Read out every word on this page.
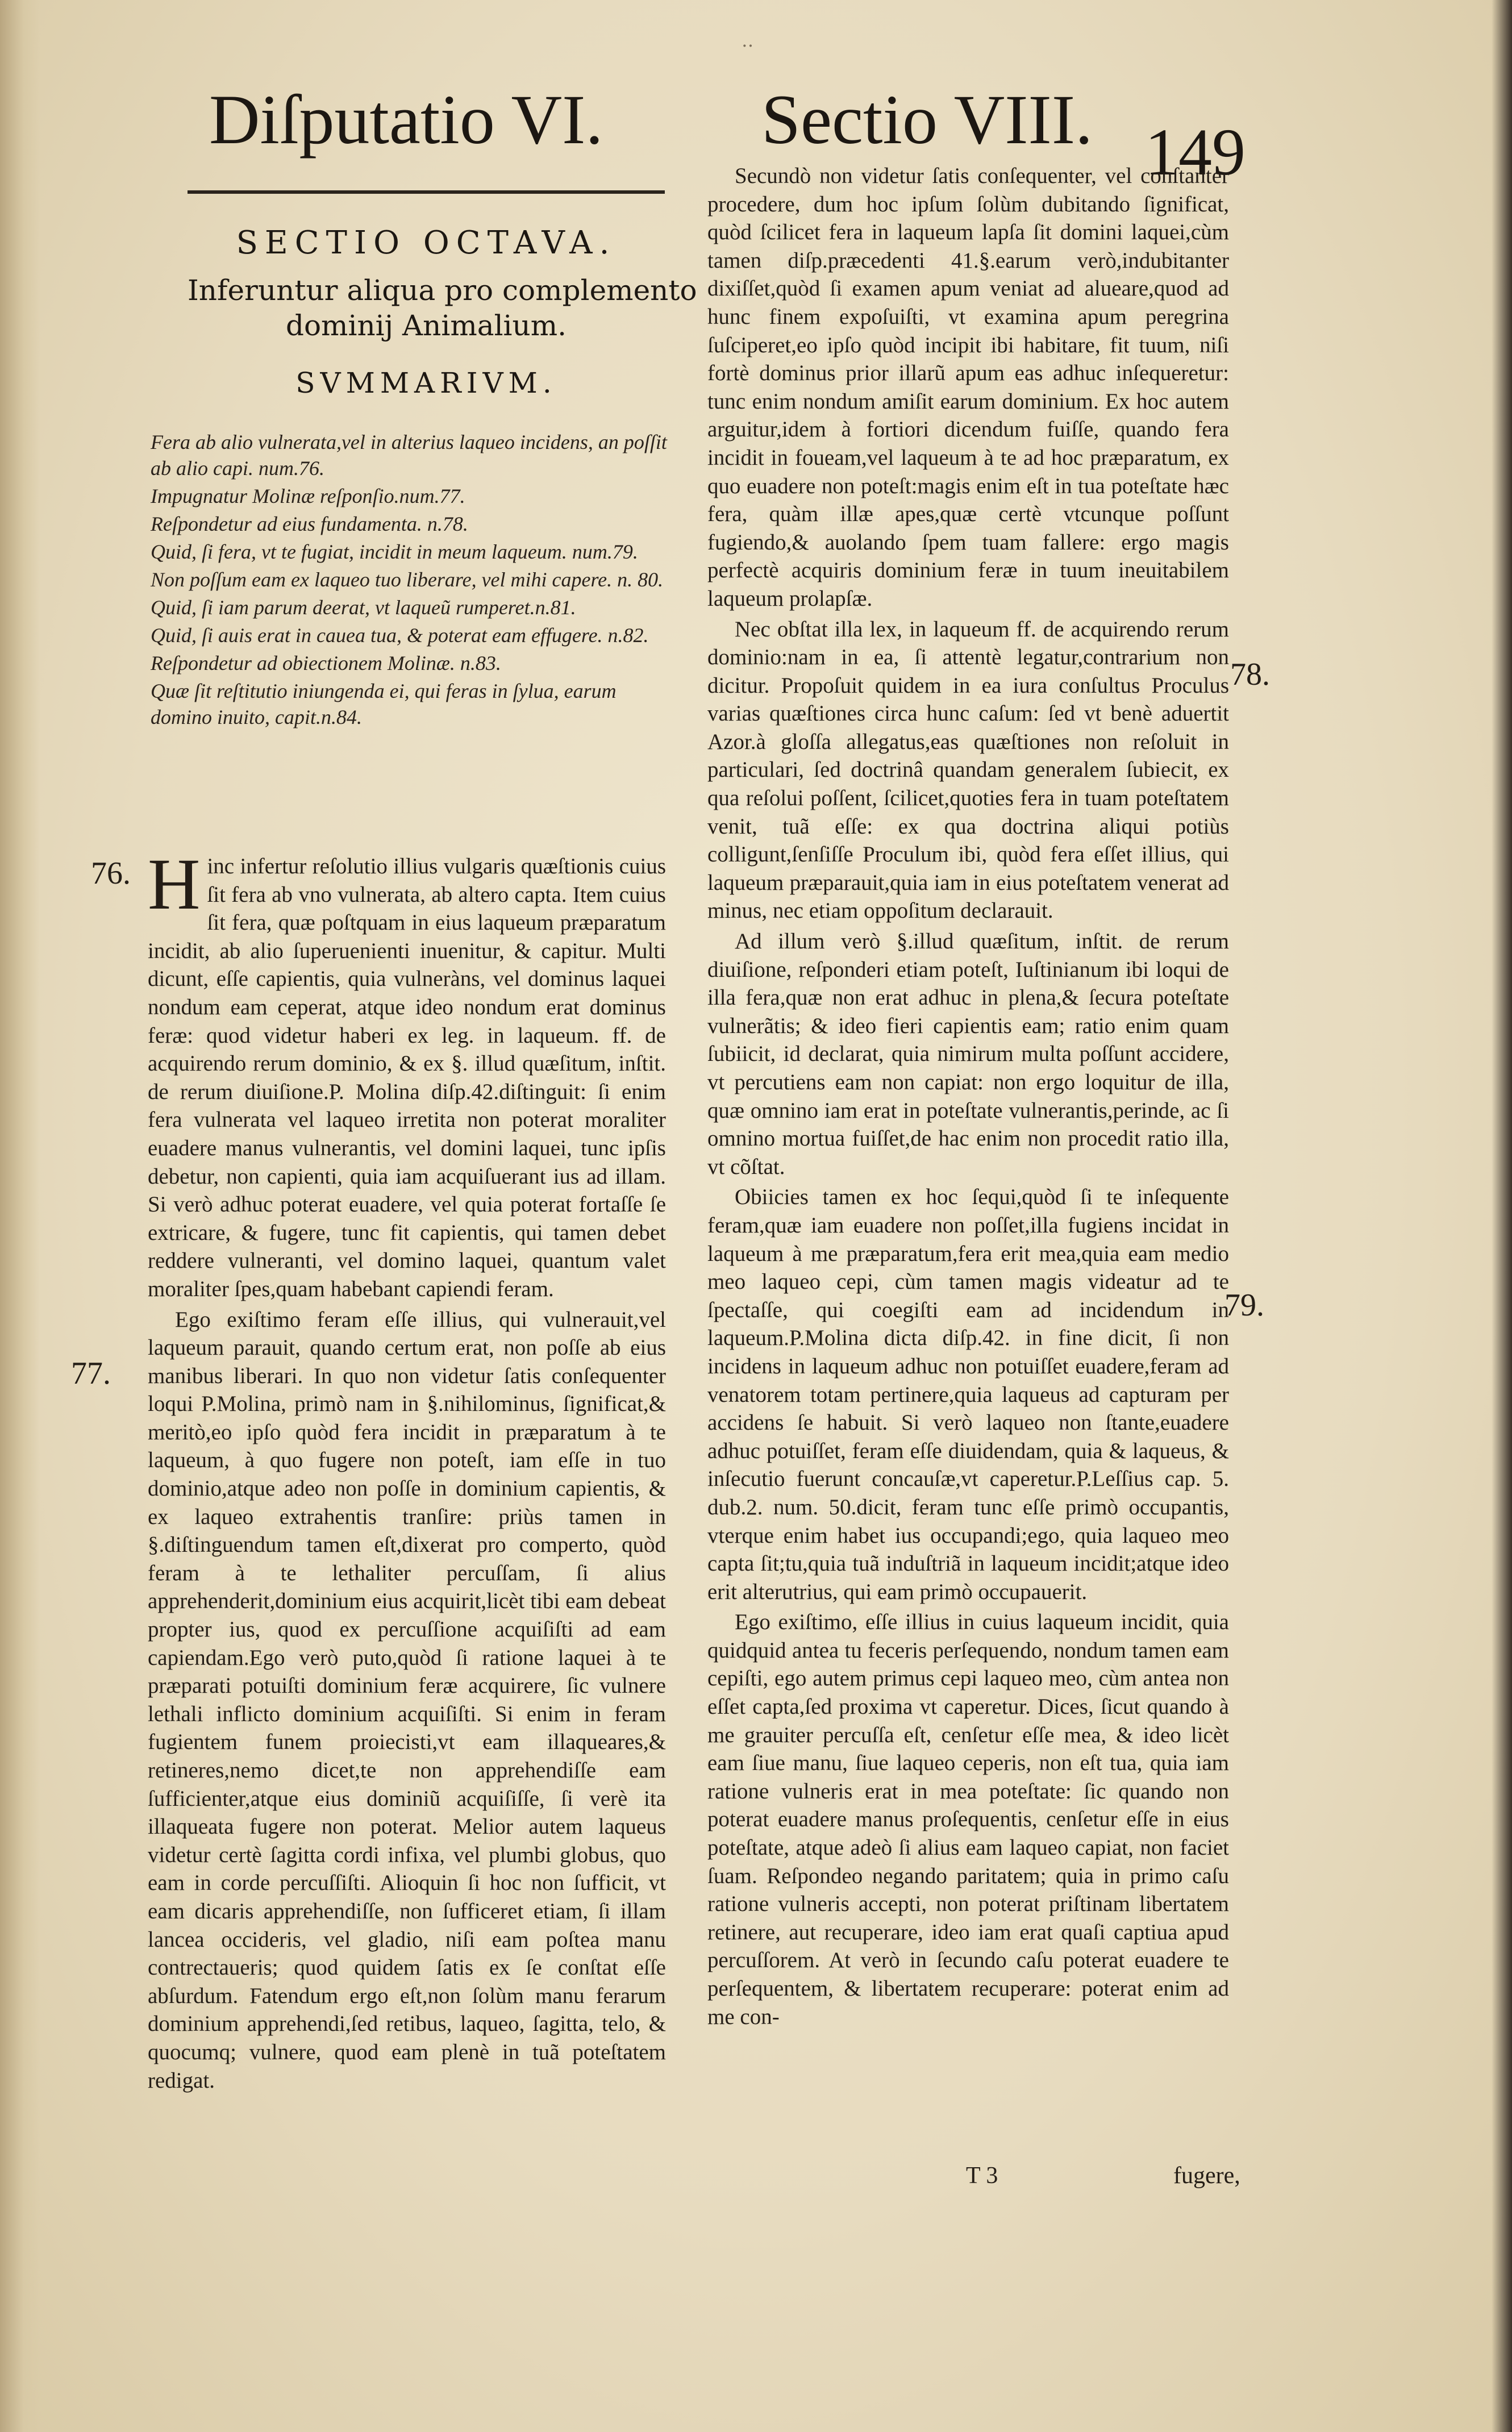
‥
Diſputatio VI. Sectio VIII. 149
SECTIO OCTAVA.
Inferuntur aliqua pro complemento
dominij Animalium.
SVMMARIVM.
Fera ab alio vulnerata,vel in alterius laqueo incidens, an poſſit ab alio capi. num.76.
Impugnatur Molinæ reſponſio.num.77.
Reſpondetur ad eius fundamenta. n.78.
Quid, ſi fera, vt te fugiat, incidit in meum laqueum. num.79.
Non poſſum eam ex laqueo tuo liberare, vel mihi capere. n. 80.
Quid, ſi iam parum deerat, vt laqueũ rumperet.n.81.
Quid, ſi auis erat in cauea tua, & poterat eam effugere. n.82.
Reſpondetur ad obiectionem Molinæ. n.83.
Quæ ſit reſtitutio iniungenda ei, qui feras in ſylua, earum domino inuito, capit.n.84.
76.
77.
78.
79.

H inc infertur reſolutio illius vulgaris quæſtionis cuius ſit fera ab vno vulnerata, ab altero capta. Item cuius ſit fera, quæ poſtquam in eius laqueum præparatum incidit, ab alio ſuperuenienti inuenitur, & capitur. Multi dicunt, eſſe capientis, quia vulneràns, vel dominus laquei nondum eam ceperat, atque ideo nondum erat dominus feræ: quod videtur haberi ex leg. in laqueum. ff. de acquirendo rerum dominio, & ex §. illud quæſitum, inſtit. de rerum diuiſione.P. Molina diſp.42.diſtinguit: ſi enim fera vulnerata vel laqueo irretita non poterat moraliter euadere manus vulnerantis, vel domini laquei, tunc ipſis debetur, non capienti, quia iam acquiſuerant ius ad illam. Si verò adhuc poterat euadere, vel quia poterat fortaſſe ſe extricare, & fugere, tunc fit capientis, qui tamen debet reddere vulneranti, vel domino laquei, quantum valet moraliter ſpes,quam habebant capiendi feram.

Ego exiſtimo feram eſſe illius, qui vulnerauit,vel laqueum parauit, quando certum erat, non poſſe ab eius manibus liberari. In quo non videtur ſatis conſequenter loqui P.Molina, primò nam in §.nihilominus, ſignificat,& meritò,eo ipſo quòd fera incidit in præparatum à te laqueum, à quo fugere non poteſt, iam eſſe in tuo dominio,atque adeo non poſſe in dominium capientis, & ex laqueo extrahentis tranſire: priùs tamen in §.diſtinguendum tamen eſt,dixerat pro comperto, quòd feram à te lethaliter percuſſam, ſi alius apprehenderit,dominium eius acquirit,licèt tibi eam debeat propter ius, quod ex percuſſione acquiſiſti ad eam capiendam.Ego verò puto,quòd ſi ratione laquei à te præparati potuiſti dominium feræ acquirere, ſic vulnere lethali inflicto dominium acquiſiſti. Si enim in feram fugientem funem proiecisti,vt eam illaqueares,& retineres,nemo dicet,te non apprehendiſſe eam ſufficienter,atque eius dominiũ acquiſiſſe, ſi verè ita illaqueata fugere non poterat. Melior autem laqueus videtur certè ſagitta cordi infixa, vel plumbi globus, quo eam in corde percuſſiſti. Alioquin ſi hoc non ſufficit, vt eam dicaris apprehendiſſe, non ſufficeret etiam, ſi illam lancea occideris, vel gladio, niſi eam poſtea manu contrectaueris; quod quidem ſatis ex ſe conſtat eſſe abſurdum. Fatendum ergo eſt,non ſolùm manu ferarum dominium apprehendi,ſed retibus, laqueo, ſagitta, telo, & quocumq; vulnere, quod eam plenè in tuã poteſtatem redigat.

Secundò non videtur ſatis conſequenter, vel conſtanter procedere, dum hoc ipſum ſolùm dubitando ſignificat, quòd ſcilicet fera in laqueum lapſa ſit domini laquei,cùm tamen diſp.præcedenti 41.§.earum verò,indubitanter dixiſſet,quòd ſi examen apum veniat ad alueare,quod ad hunc finem expoſuiſti, vt examina apum peregrina ſuſciperet,eo ipſo quòd incipit ibi habitare, fit tuum, niſi fortè dominus prior illarũ apum eas adhuc inſequeretur: tunc enim nondum amiſit earum dominium. Ex hoc autem arguitur,idem à fortiori dicendum fuiſſe, quando fera incidit in foueam,vel laqueum à te ad hoc præparatum, ex quo euadere non poteſt:magis enim eſt in tua poteſtate hæc fera, quàm illæ apes,quæ certè vtcunque poſſunt fugiendo,& auolando ſpem tuam fallere: ergo magis perfectè acquiris dominium feræ in tuum ineuitabilem laqueum prolapſæ.

Nec obſtat illa lex, in laqueum ff. de acquirendo rerum dominio:nam in ea, ſi attentè legatur,contrarium non dicitur. Propoſuit quidem in ea iura conſultus Proculus varias quæſtiones circa hunc caſum: ſed vt benè aduertit Azor.à gloſſa allegatus,eas quæſtiones non reſoluit in particulari, ſed doctrinâ quandam generalem ſubiecit, ex qua reſolui poſſent, ſcilicet,quoties fera in tuam poteſtatem venit, tuã eſſe: ex qua doctrina aliqui potiùs colligunt,ſenſiſſe Proculum ibi, quòd fera eſſet illius, qui laqueum præparauit,quia iam in eius poteſtatem venerat ad minus, nec etiam oppoſitum declarauit.

Ad illum verò §.illud quæſitum, inſtit. de rerum diuiſione, reſponderi etiam poteſt, Iuſtinianum ibi loqui de illa fera,quæ non erat adhuc in plena,& ſecura poteſtate vulnerãtis; & ideo fieri capientis eam; ratio enim quam ſubiicit, id declarat, quia nimirum multa poſſunt accidere, vt percutiens eam non capiat: non ergo loquitur de illa, quæ omnino iam erat in poteſtate vulnerantis,perinde, ac ſi omnino mortua fuiſſet,de hac enim non procedit ratio illa, vt cõſtat.

Obiicies tamen ex hoc ſequi,quòd ſi te inſequente feram,quæ iam euadere non poſſet,illa fugiens incidat in laqueum à me præparatum,fera erit mea,quia eam medio meo laqueo cepi, cùm tamen magis videatur ad te ſpectaſſe, qui coegiſti eam ad incidendum in laqueum.P.Molina dicta diſp.42. in fine dicit, ſi non incidens in laqueum adhuc non potuiſſet euadere,feram ad venatorem totam pertinere,quia laqueus ad capturam per accidens ſe habuit. Si verò laqueo non ſtante,euadere adhuc potuiſſet, feram eſſe diuidendam, quia & laqueus, & inſecutio fuerunt concauſæ,vt caperetur.P.Leſſius cap. 5. dub.2. num. 50.dicit, feram tunc eſſe primò occupantis, vterque enim habet ius occupandi;ego, quia laqueo meo capta ſit;tu,quia tuã induſtriã in laqueum incidit;atque ideo erit alterutrius, qui eam primò occupauerit.

Ego exiſtimo, eſſe illius in cuius laqueum incidit, quia quidquid antea tu feceris perſequendo, nondum tamen eam cepiſti, ego autem primus cepi laqueo meo, cùm antea non eſſet capta,ſed proxima vt caperetur. Dices, ſicut quando à me grauiter percuſſa eſt, cenſetur eſſe mea, & ideo licèt eam ſiue manu, ſiue laqueo ceperis, non eſt tua, quia iam ratione vulneris erat in mea poteſtate: ſic quando non poterat euadere manus proſequentis, cenſetur eſſe in eius poteſtate, atque adeò ſi alius eam laqueo capiat, non faciet ſuam. Reſpondeo negando paritatem; quia in primo caſu ratione vulneris accepti, non poterat priſtinam libertatem retinere, aut recuperare, ideo iam erat quaſi captiua apud percuſſorem. At verò in ſecundo caſu poterat euadere te perſequentem, & libertatem recuperare: poterat enim ad me con-

T 3	fugere,
